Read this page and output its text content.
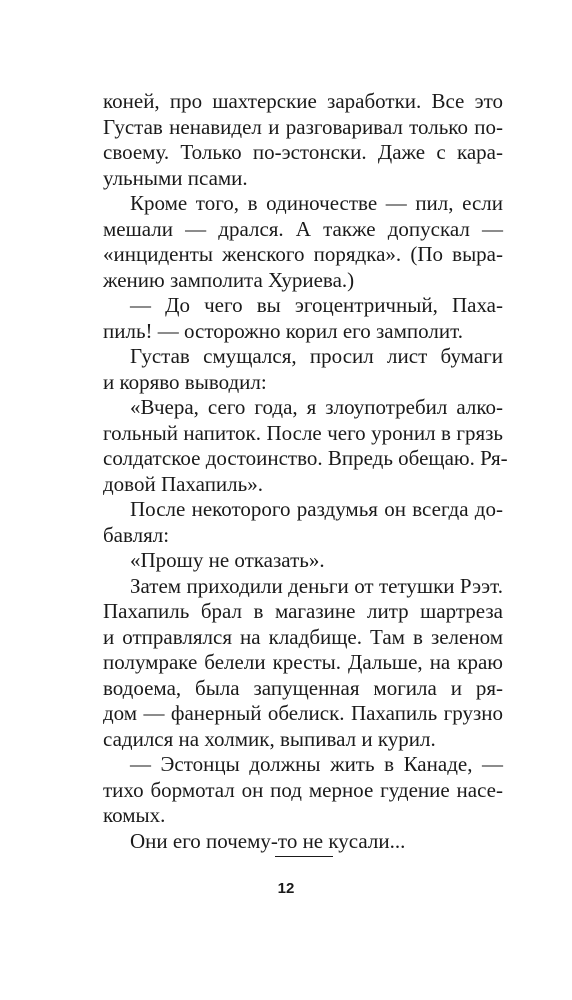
коней, про шахтерские заработки. Все это
Густав ненавидел и разговаривал только по-
своему. Только по-эстонски. Даже с кара-
ульными псами.
Кроме того, в одиночестве — пил, если
мешали — дрался. А также допускал —
«инциденты женского порядка». (По выра-
жению замполита Хуриева.)
— До чего вы эгоцентричный, Паха-
пиль! — осторожно корил его замполит.
Густав смущался, просил лист бумаги
и коряво выводил:
«Вчера, сего года, я злоупотребил алко-
гольный напиток. После чего уронил в грязь
солдатское достоинство. Впредь обещаю. Ря-
довой Пахапиль».
После некоторого раздумья он всегда до-
бавлял:
«Прошу не отказать».
Затем приходили деньги от тетушки Рээт.
Пахапиль брал в магазине литр шартреза
и отправлялся на кладбище. Там в зеленом
полумраке белели кресты. Дальше, на краю
водоема, была запущенная могила и ря-
дом — фанерный обелиск. Пахапиль грузно
садился на холмик, выпивал и курил.
— Эстонцы должны жить в Канаде, —
тихо бормотал он под мерное гудение насе-
комых.
Они его почему-то не кусали...
12
